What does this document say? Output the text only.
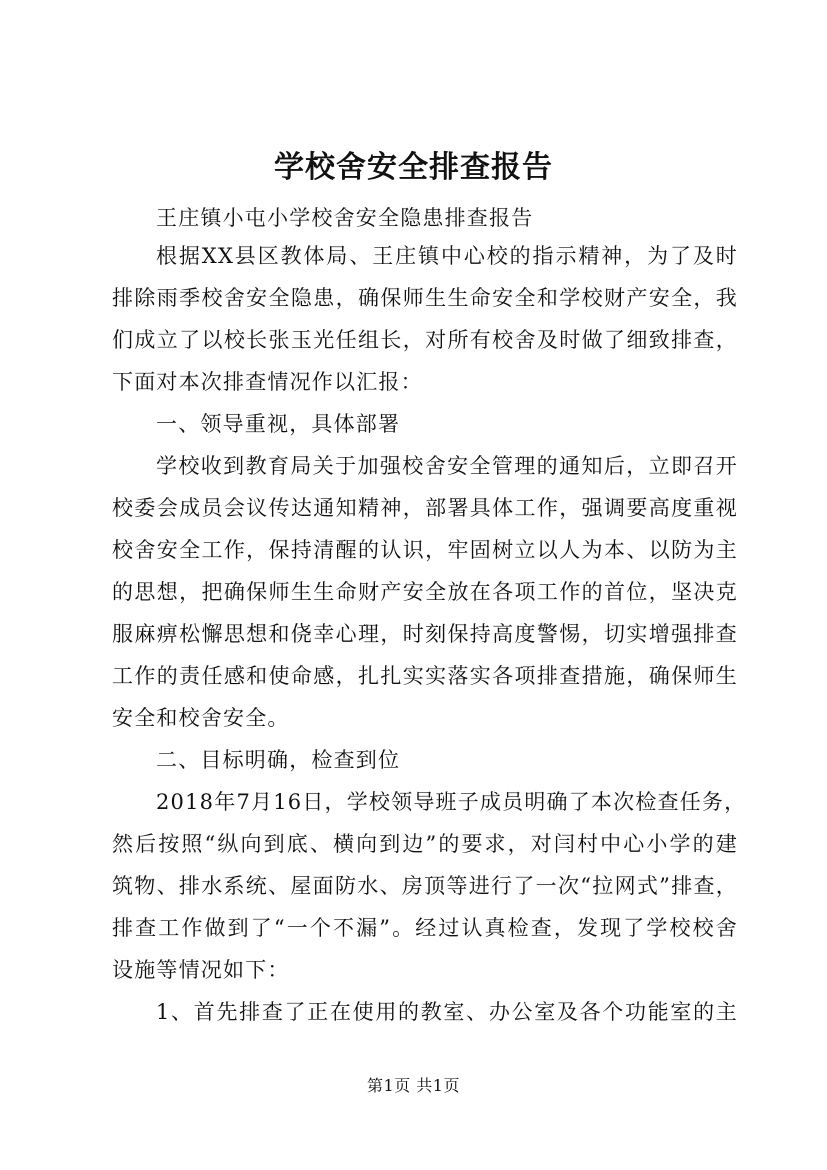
学校舍安全排查报告
王庄镇小屯小学校舍安全隐患排查报告
根据XX县区教体局、王庄镇中心校的指示精神，为了及时
排除雨季校舍安全隐患，确保师生生命安全和学校财产安全，我
们成立了以校长张玉光任组长，对所有校舍及时做了细致排查，
下面对本次排查情况作以汇报：
一、领导重视，具体部署
学校收到教育局关于加强校舍安全管理的通知后，立即召开
校委会成员会议传达通知精神，部署具体工作，强调要高度重视
校舍安全工作，保持清醒的认识，牢固树立以人为本、以防为主
的思想，把确保师生生命财产安全放在各项工作的首位，坚决克
服麻痹松懈思想和侥幸心理，时刻保持高度警惕，切实增强排查
工作的责任感和使命感，扎扎实实落实各项排查措施，确保师生
安全和校舍安全。
二、目标明确，检查到位
2018年7月16日，学校领导班子成员明确了本次检查任务，
然后按照“纵向到底、横向到边”的要求，对闫村中心小学的建
筑物、排水系统、屋面防水、房顶等进行了一次“拉网式”排查，
排查工作做到了“一个不漏”。经过认真检查，发现了学校校舍
设施等情况如下：
1、首先排查了正在使用的教室、办公室及各个功能室的主
第1页 共1页
